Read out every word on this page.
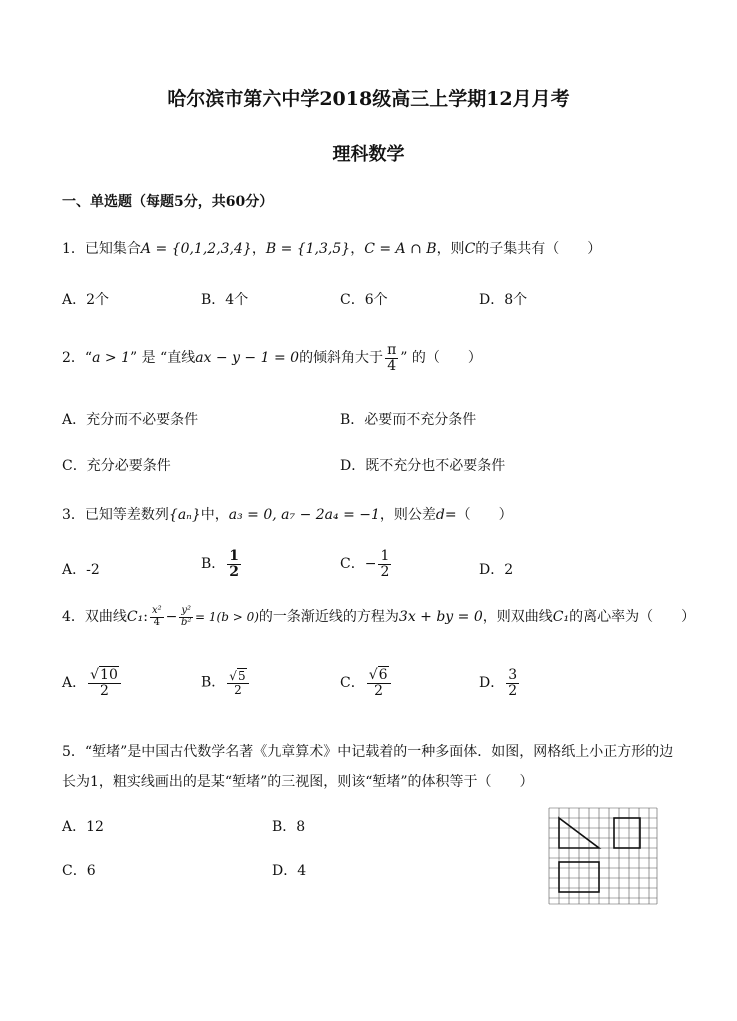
哈尔滨市第六中学2018级高三上学期12月月考
理科数学
一、单选题（每题5分，共60分）
1．已知集合A = {0,1,2,3,4}，B = {1,3,5}，C = A ∩ B，则C的子集共有（　　）
A．2个	B．4个	C．6个	D．8个
2．“a > 1” 是 “直线ax − y − 1 = 0的倾斜角大于 $\frac{\pi}{4}$ ” 的（　　）
A．充分而不必要条件	B．必要而不充分条件
C．充分必要条件	D．既不充分也不必要条件
3．已知等差数列{aₙ}中，a₃ = 0, a₇ − 2a₄ = −1，则公差d=（　　）
A．-2	B． $\frac{1}{2}$	C．− $\frac{1}{2}$	D．2
4．双曲线C₁: $\frac{\text{x²}}{4} - \frac{\text{y²}}{\text{b²}} = 1(b > 0)$的一条渐近线的方程为3x + by = 0，则双曲线C₁的离心率为（　　）
A． $\frac{√10}{2}$	B． $\frac{√5}{2}$	C． $\frac{√6}{2}$	D． $\frac{3}{2}$
5．“堑堵”是中国古代数学名著《九章算术》中记载着的一种多面体．如图，网格纸上小正方形的边
长为1，粗实线画出的是某“堑堵”的三视图，则该“堑堵”的体积等于（　　）
A．12	B．8
C．6	D．4
